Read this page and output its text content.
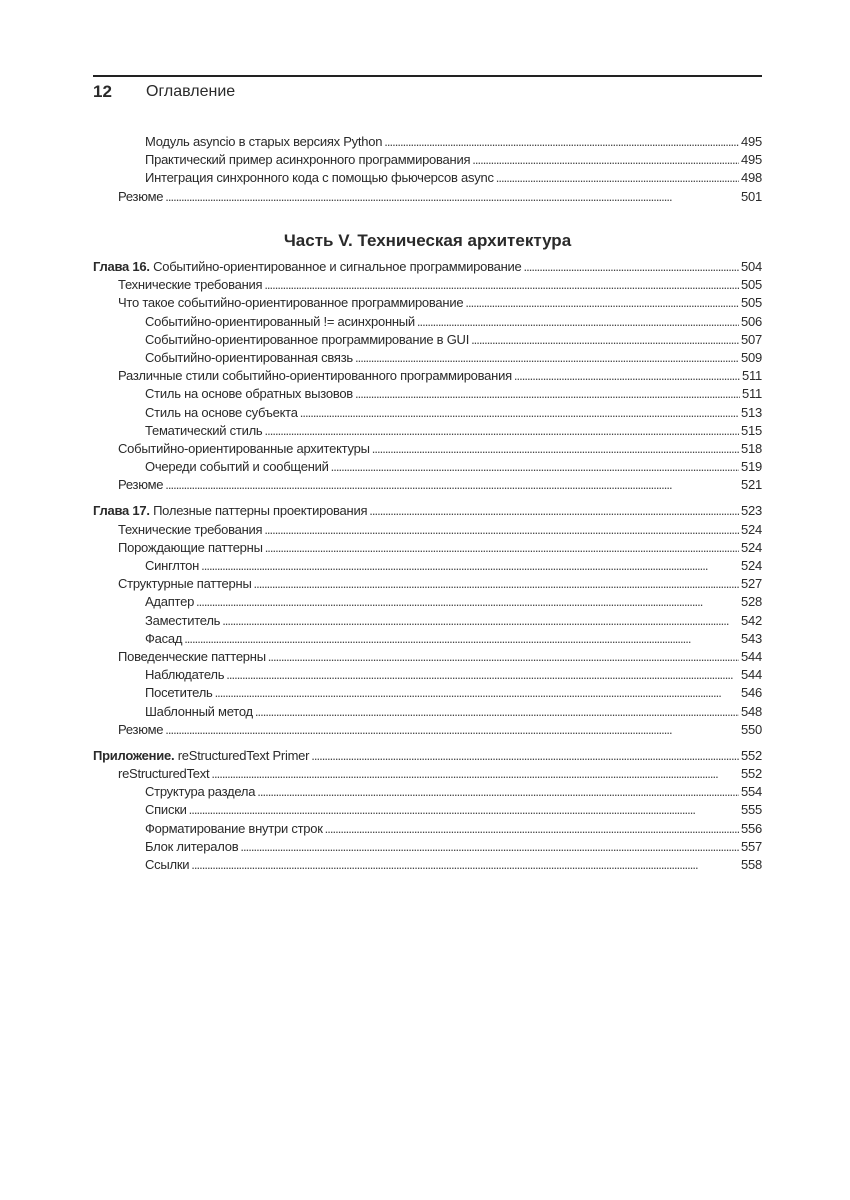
12 Оглавление
Модуль asyncio в старых версиях Python . . .	495
Практический пример асинхронного программирования . . .	495
Интеграция синхронного кода с помощью фьючерсов async . . .	498
Резюме . . .	501
Часть V. Техническая архитектура
Глава 16. Событийно-ориентированное и сигнальное программирование . . .	504
Технические требования . . .	505
Что такое событийно-ориентированное программирование . . .	505
Событийно-ориентированный != асинхронный . . .	506
Событийно-ориентированное программирование в GUI . . .	507
Событийно-ориентированная связь . . .	509
Различные стили событийно-ориентированного программирования . . .	511
Стиль на основе обратных вызовов . . .	511
Стиль на основе субъекта . . .	513
Тематический стиль . . .	515
Событийно-ориентированные архитектуры . . .	518
Очереди событий и сообщений . . .	519
Резюме . . .	521
Глава 17. Полезные паттерны проектирования . . .	523
Технические требования . . .	524
Порождающие паттерны . . .	524
Синглтон . . .	524
Структурные паттерны . . .	527
Адаптер . . .	528
Заместитель . . .	542
Фасад . . .	543
Поведенческие паттерны . . .	544
Наблюдатель . . .	544
Посетитель . . .	546
Шаблонный метод . . .	548
Резюме . . .	550
Приложение. reStructuredText Primer . . .	552
reStructuredText . . .	552
Структура раздела . . .	554
Списки . . .	555
Форматирование внутри строк . . .	556
Блок литералов . . .	557
Ссылки . . .	558
